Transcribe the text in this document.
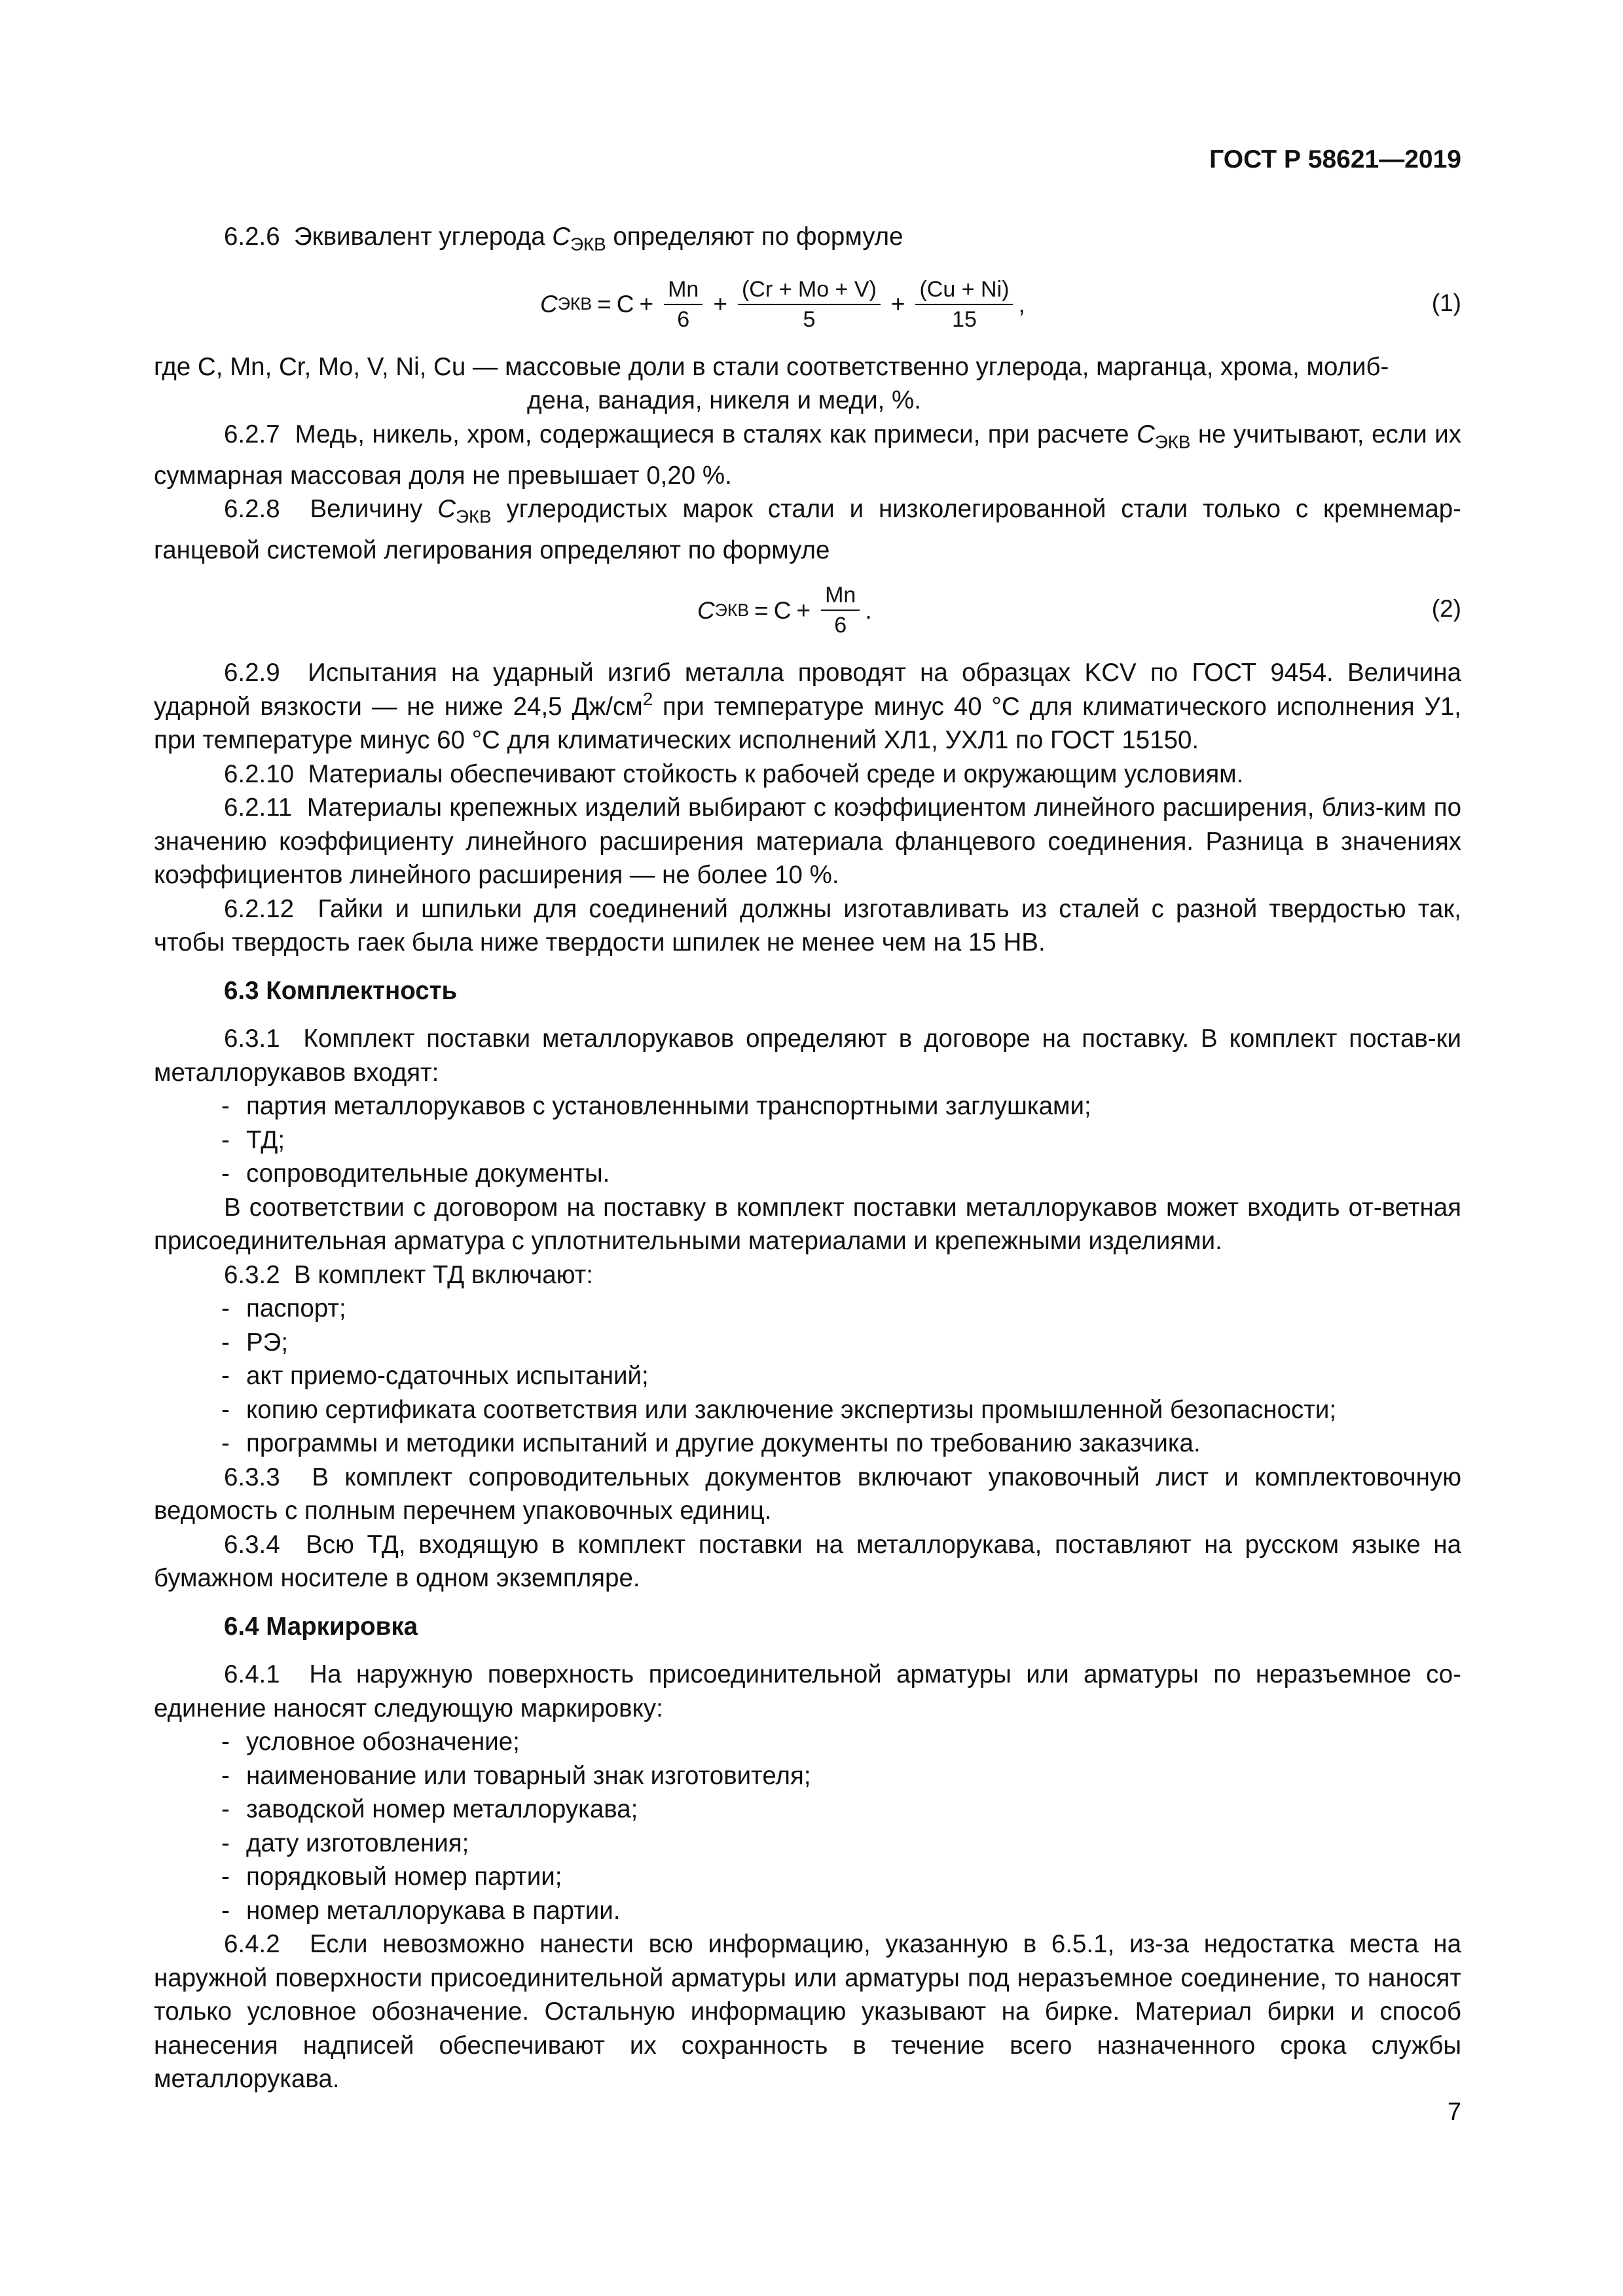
ГОСТ Р 58621—2019

6.2.6 Эквивалент углерода $C_{ЭКВ}$ определяют по формуле

C ЭКВ = $C + \frac{Mn}{6} + \frac{(Cr + Mo + V)}{5} + \frac{(Cu + Ni)}{15}$ ,	(1)
где C, Mn, Cr, Mo, V, Ni, Cu — массовые доли в стали соответственно углерода, марганца, хрома, молиб-
дена, ванадия, никеля и меди, %.

6.2.7 Медь, никель, хром, содержащиеся в сталях как примеси, при расчете $C_{ЭКВ}$ не учитывают, если их суммарная массовая доля не превышает 0,20 %.

6.2.8 Величину $C_{ЭКВ}$ углеродистых марок стали и низколегированной стали только с кремнемар-ганцевой системой легирования определяют по формуле

C ЭКВ = $C + \frac{Mn}{6}$ .	(2)

6.2.9 Испытания на ударный изгиб металла проводят на образцах KCV по ГОСТ 9454. Величина ударной вязкости — не ниже 24,5 $Дж/см^2$ при температуре минус 40 °С для климатического исполнения У1, при температуре минус 60 °С для климатических исполнений ХЛ1, УХЛ1 по ГОСТ 15150.

6.2.10 Материалы обеспечивают стойкость к рабочей среде и окружающим условиям.

6.2.11 Материалы крепежных изделий выбирают с коэффициентом линейного расширения, близ-ким по значению коэффициенту линейного расширения материала фланцевого соединения. Разница в значениях коэффициентов линейного расширения — не более 10 %.

6.2.12 Гайки и шпильки для соединений должны изготавливать из сталей с разной твердостью так, чтобы твердость гаек была ниже твердости шпилек не менее чем на 15 НВ.

6.3 Комплектность

6.3.1 Комплект поставки металлорукавов определяют в договоре на поставку. В комплект постав-ки металлорукавов входят:

- партия металлорукавов с установленными транспортными заглушками;
- ТД;
- сопроводительные документы.

В соответствии с договором на поставку в комплект поставки металлорукавов может входить от-ветная присоединительная арматура с уплотнительными материалами и крепежными изделиями.

6.3.2 В комплект ТД включают:

- паспорт;
- РЭ;
- акт приемо-сдаточных испытаний;
- копию сертификата соответствия или заключение экспертизы промышленной безопасности;
- программы и методики испытаний и другие документы по требованию заказчика.

6.3.3 В комплект сопроводительных документов включают упаковочный лист и комплектовочную ведомость с полным перечнем упаковочных единиц.

6.3.4 Всю ТД, входящую в комплект поставки на металлорукава, поставляют на русском языке на бумажном носителе в одном экземпляре.

6.4 Маркировка

6.4.1 На наружную поверхность присоединительной арматуры или арматуры по неразъемное со-единение наносят следующую маркировку:

- условное обозначение;
- наименование или товарный знак изготовителя;
- заводской номер металлорукава;
- дату изготовления;
- порядковый номер партии;
- номер металлорукава в партии.

6.4.2 Если невозможно нанести всю информацию, указанную в 6.5.1, из-за недостатка места на наружной поверхности присоединительной арматуры или арматуры под неразъемное соединение, то наносят только условное обозначение. Остальную информацию указывают на бирке. Материал бирки и способ нанесения надписей обеспечивают их сохранность в течение всего назначенного срока службы металлорукава.

7
